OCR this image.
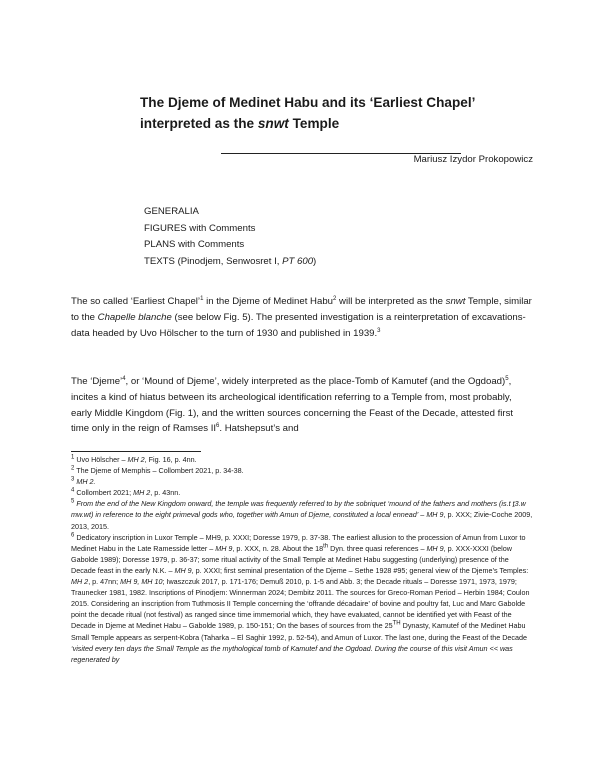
The Djeme of Medinet Habu and its ‘Earliest Chapel’
interpreted as the snwt Temple
Mariusz Izydor Prokopowicz
GENERALIA
FIGURES with Comments
PLANS with Comments
TEXTS (Pinodjem, Senwosret I, PT 600)
The so called ‘Earliest Chapel’$^1$ in the Djeme of Medinet Habu$^2$ will be interpreted as the snwt Temple, similar to the Chapelle blanche (see below Fig. 5). The presented investigation is a reinterpretation of excavations-data headed by Uvo Hölscher to the turn of 1930 and published in 1939.$^3$
The ‘Djeme’$^4$, or ‘Mound of Djeme’, widely interpreted as the place-Tomb of Kamutef (and the Ogdoad)$^5$, incites a kind of hiatus between its archeological identification referring to a Temple from, most probably, early Middle Kingdom (Fig. 1), and the written sources concerning the Feast of the Decade, attested first time only in the reign of Ramses $II^6$. Hatshepsut’s and

$^1$ Uvo Hölscher – MH 2, Fig. 16, p. 4nn.

$^2$ The Djeme of Memphis – Collombert 2021, p. 34-38.

$^3$ MH 2.

$^4$ Collombert 2021; MH 2, p. 43nn.

$^5$ From the end of the New Kingdom onward, the temple was frequently referred to by the sobriquet ‘mound of the fathers and mothers (is.t ṯ3.w mw.wt) in reference to the eight primeval gods who, together with Amun of Djeme, constituted a local ennead’ – MH 9, p. XXX; Zivie-Coche 2009, 2013, 2015.

$^6$ Dedicatory inscription in Luxor Temple – MH9, p. XXXI; Doresse 1979, p. 37-38. The earliest allusion to the procession of Amun from Luxor to Medinet Habu in the Late Ramesside letter – MH 9, p. XXX, n. 28. About the 18th Dyn. three quasi references – MH 9, p. XXX-XXXI (below Gabolde 1989); Doresse 1979, p. 36-37; some ritual activity of the Small Temple at Medinet Habu suggesting (underlying) presence of the Decade feast in the early N.K. – MH 9, p. XXXI; first seminal presentation of the Djeme – Sethe 1928 #95; general view of the Djeme’s Temples: MH 2, p. 47nn; MH 9, MH 10; Iwaszczuk 2017, p. 171-176; Demuß 2010, p. 1-5 and Abb. 3; the Decade rituals – Doresse 1971, 1973, 1979; Traunecker 1981, 1982. Inscriptions of Pinodjem: Winnerman 2024; Dembitz 2011. The sources for Greco-Roman Period – Herbin 1984; Coulon 2015. Considering an inscription from Tuthmosis II Temple concerning the ‘offrande décadaire’ of bovine and poultry fat, Luc and Marc Gabolde point the decade ritual (not festival) as ranged since time immemorial which, they have evaluated, cannot be identified yet with Feast of the Decade in Djeme at Medinet Habu – Gabolde 1989, p. 150-151; On the bases of sources from the 25TH Dynasty, Kamutef of the Medinet Habu Small Temple appears as serpent-Kobra (Taharka – El Saghir 1992, p. 52-54), and Amun of Luxor. The last one, during the Feast of the Decade ‘visited every ten days the Small Temple as the mythological tomb of Kamutef and the Ogdoad. During the course of this visit Amun << was regenerated by
